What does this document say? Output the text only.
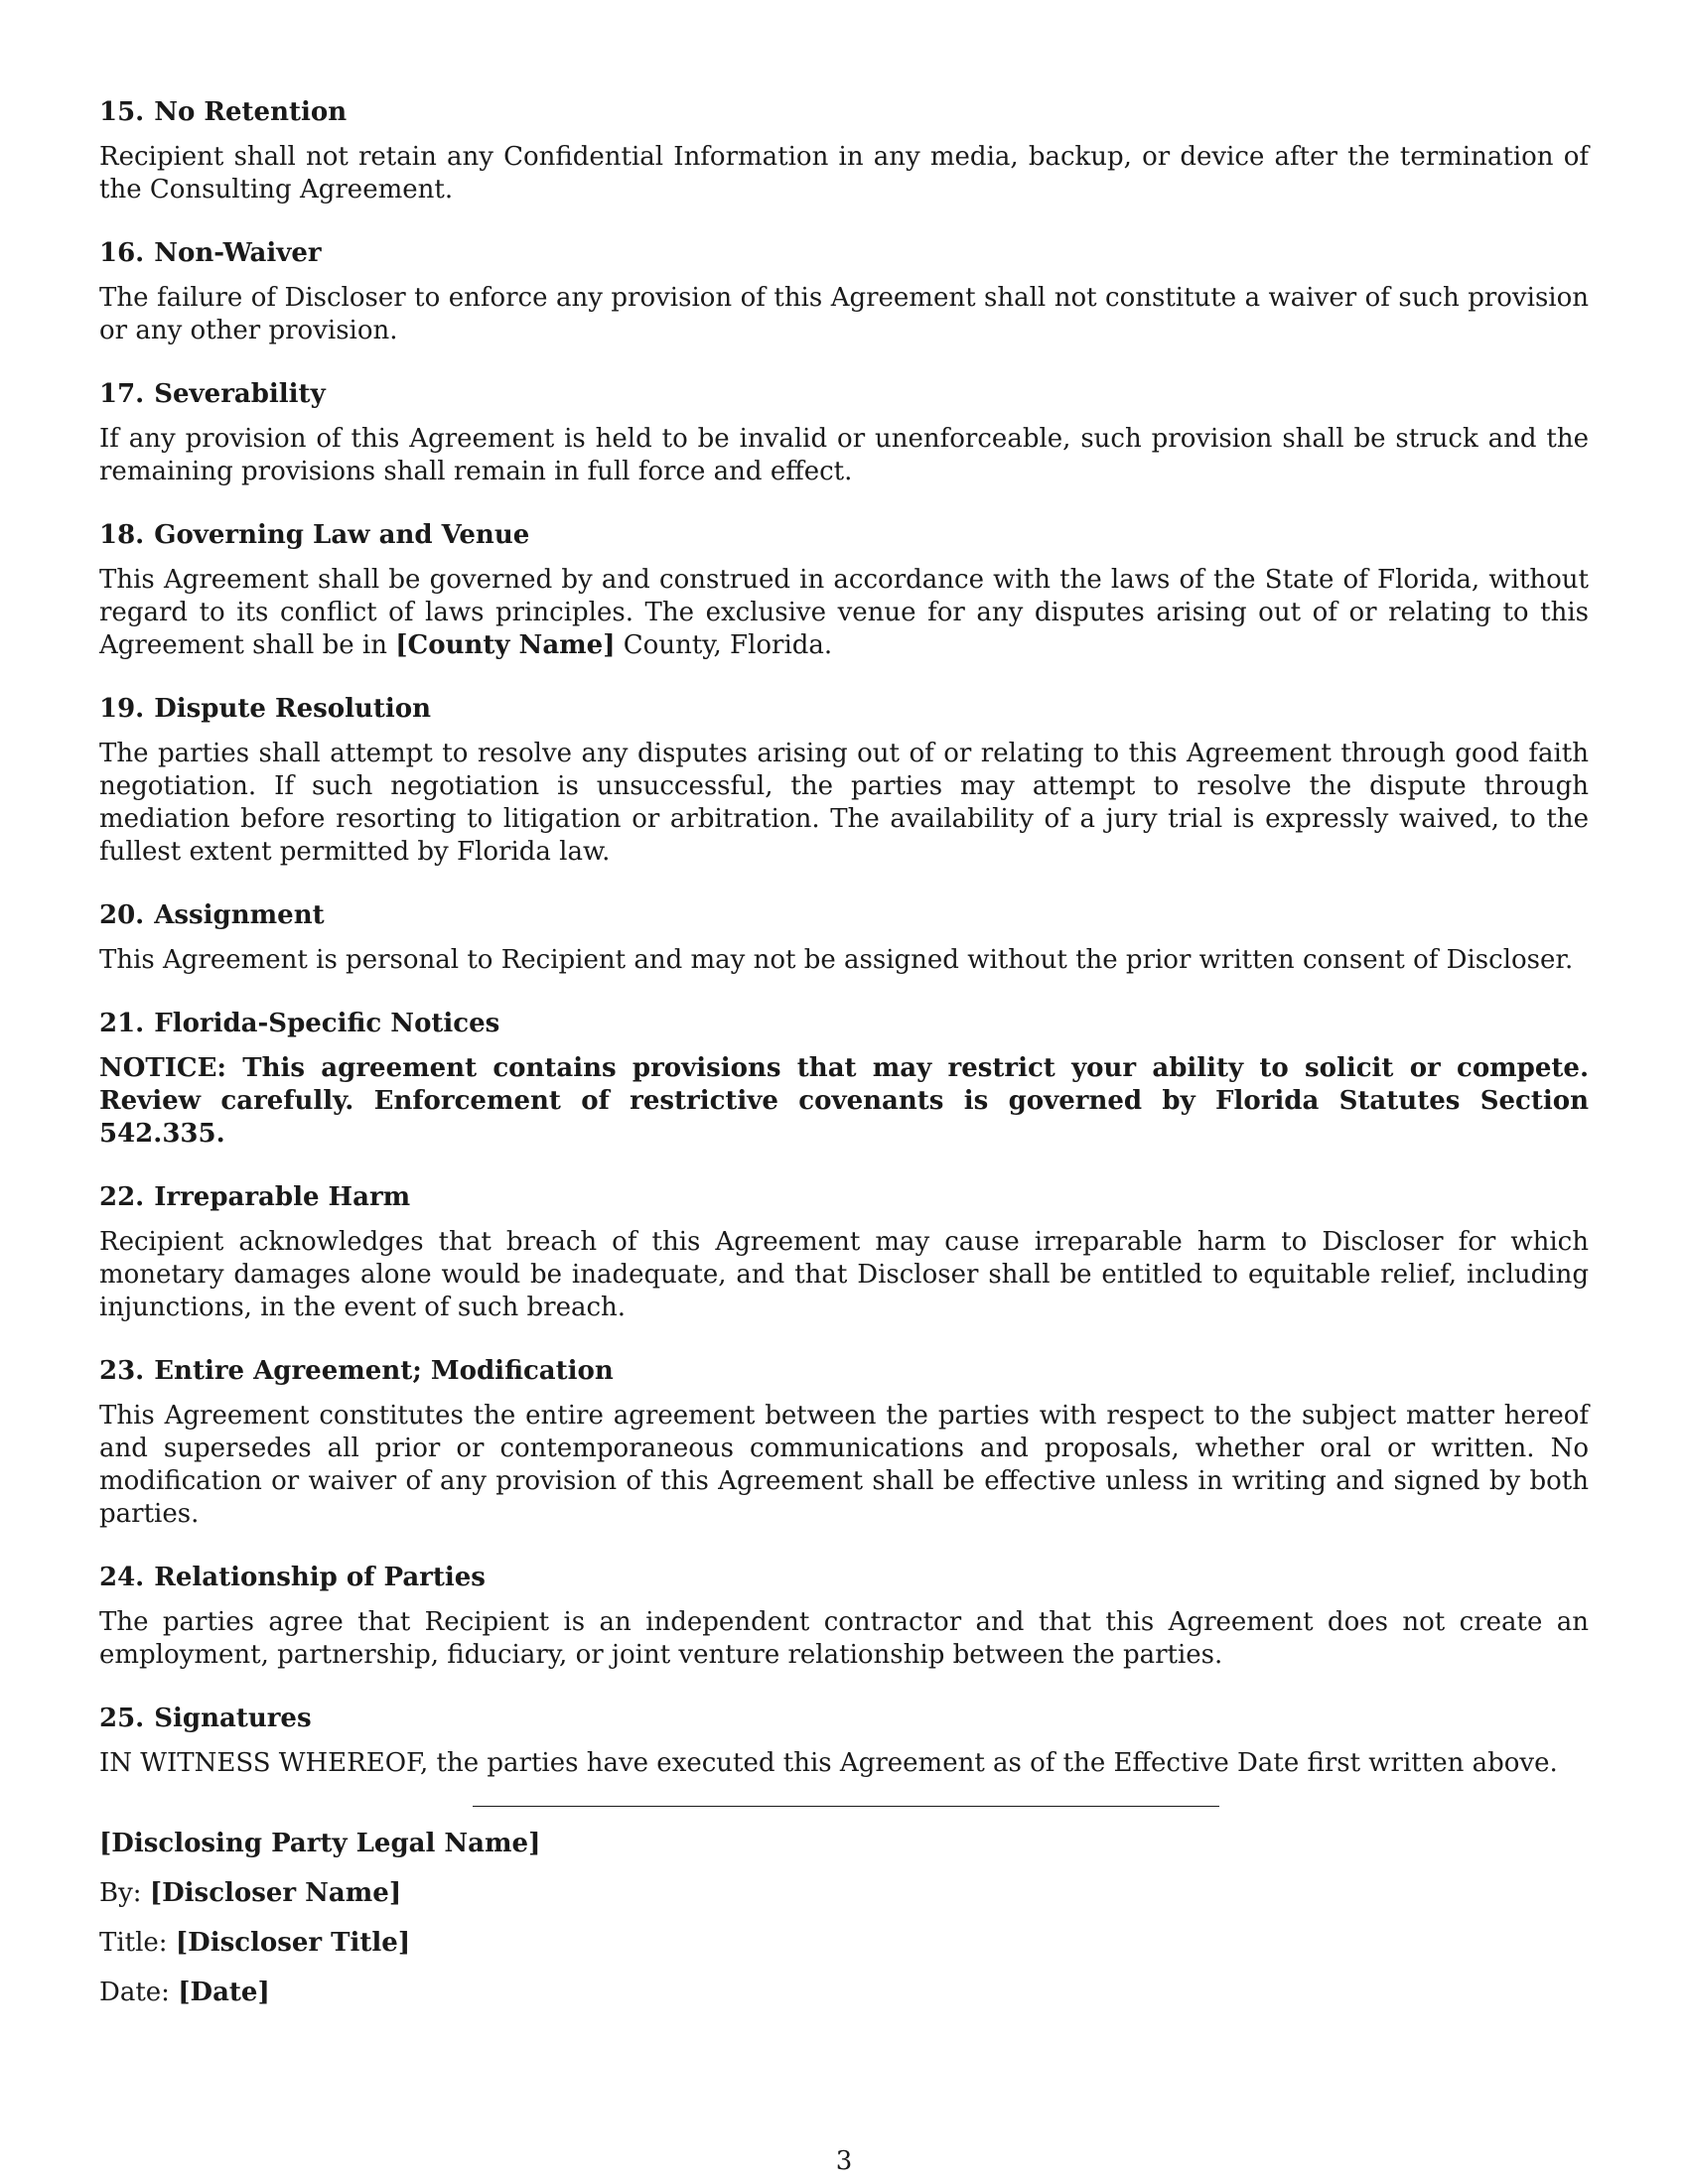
15. No Retention

Recipient shall not retain any Confidential Information in any media, backup, or device after the termination of the Consulting Agreement.

16. Non-Waiver

The failure of Discloser to enforce any provision of this Agreement shall not constitute a waiver of such provision or any other provision.

17. Severability

If any provision of this Agreement is held to be invalid or unenforceable, such provision shall be struck and the remaining provisions shall remain in full force and effect.

18. Governing Law and Venue

This Agreement shall be governed by and construed in accordance with the laws of the State of Florida, without regard to its conflict of laws principles. The exclusive venue for any disputes arising out of or relating to this Agreement shall be in [County Name] County, Florida.

19. Dispute Resolution

The parties shall attempt to resolve any disputes arising out of or relating to this Agreement through good faith negotiation. If such negotiation is unsuccessful, the parties may attempt to resolve the dispute through mediation before resorting to litigation or arbitration. The availability of a jury trial is expressly waived, to the fullest extent permitted by Florida law.

20. Assignment

This Agreement is personal to Recipient and may not be assigned without the prior written consent of Discloser.

21. Florida-Specific Notices

NOTICE: This agreement contains provisions that may restrict your ability to solicit or compete. Review carefully. Enforcement of restrictive covenants is governed by Florida Statutes Section 542.335.

22. Irreparable Harm

Recipient acknowledges that breach of this Agreement may cause irreparable harm to Discloser for which monetary damages alone would be inadequate, and that Discloser shall be entitled to equitable relief, including injunctions, in the event of such breach.

23. Entire Agreement; Modification

This Agreement constitutes the entire agreement between the parties with respect to the subject matter hereof and supersedes all prior or contemporaneous communications and proposals, whether oral or written. No modification or waiver of any provision of this Agreement shall be effective unless in writing and signed by both parties.

24. Relationship of Parties

The parties agree that Recipient is an independent contractor and that this Agreement does not create an employment, partnership, fiduciary, or joint venture relationship between the parties.

25. Signatures

IN WITNESS WHEREOF, the parties have executed this Agreement as of the Effective Date first written above.

[Disclosing Party Legal Name]
By: [Discloser Name]
Title: [Discloser Title]
Date: [Date]
3
